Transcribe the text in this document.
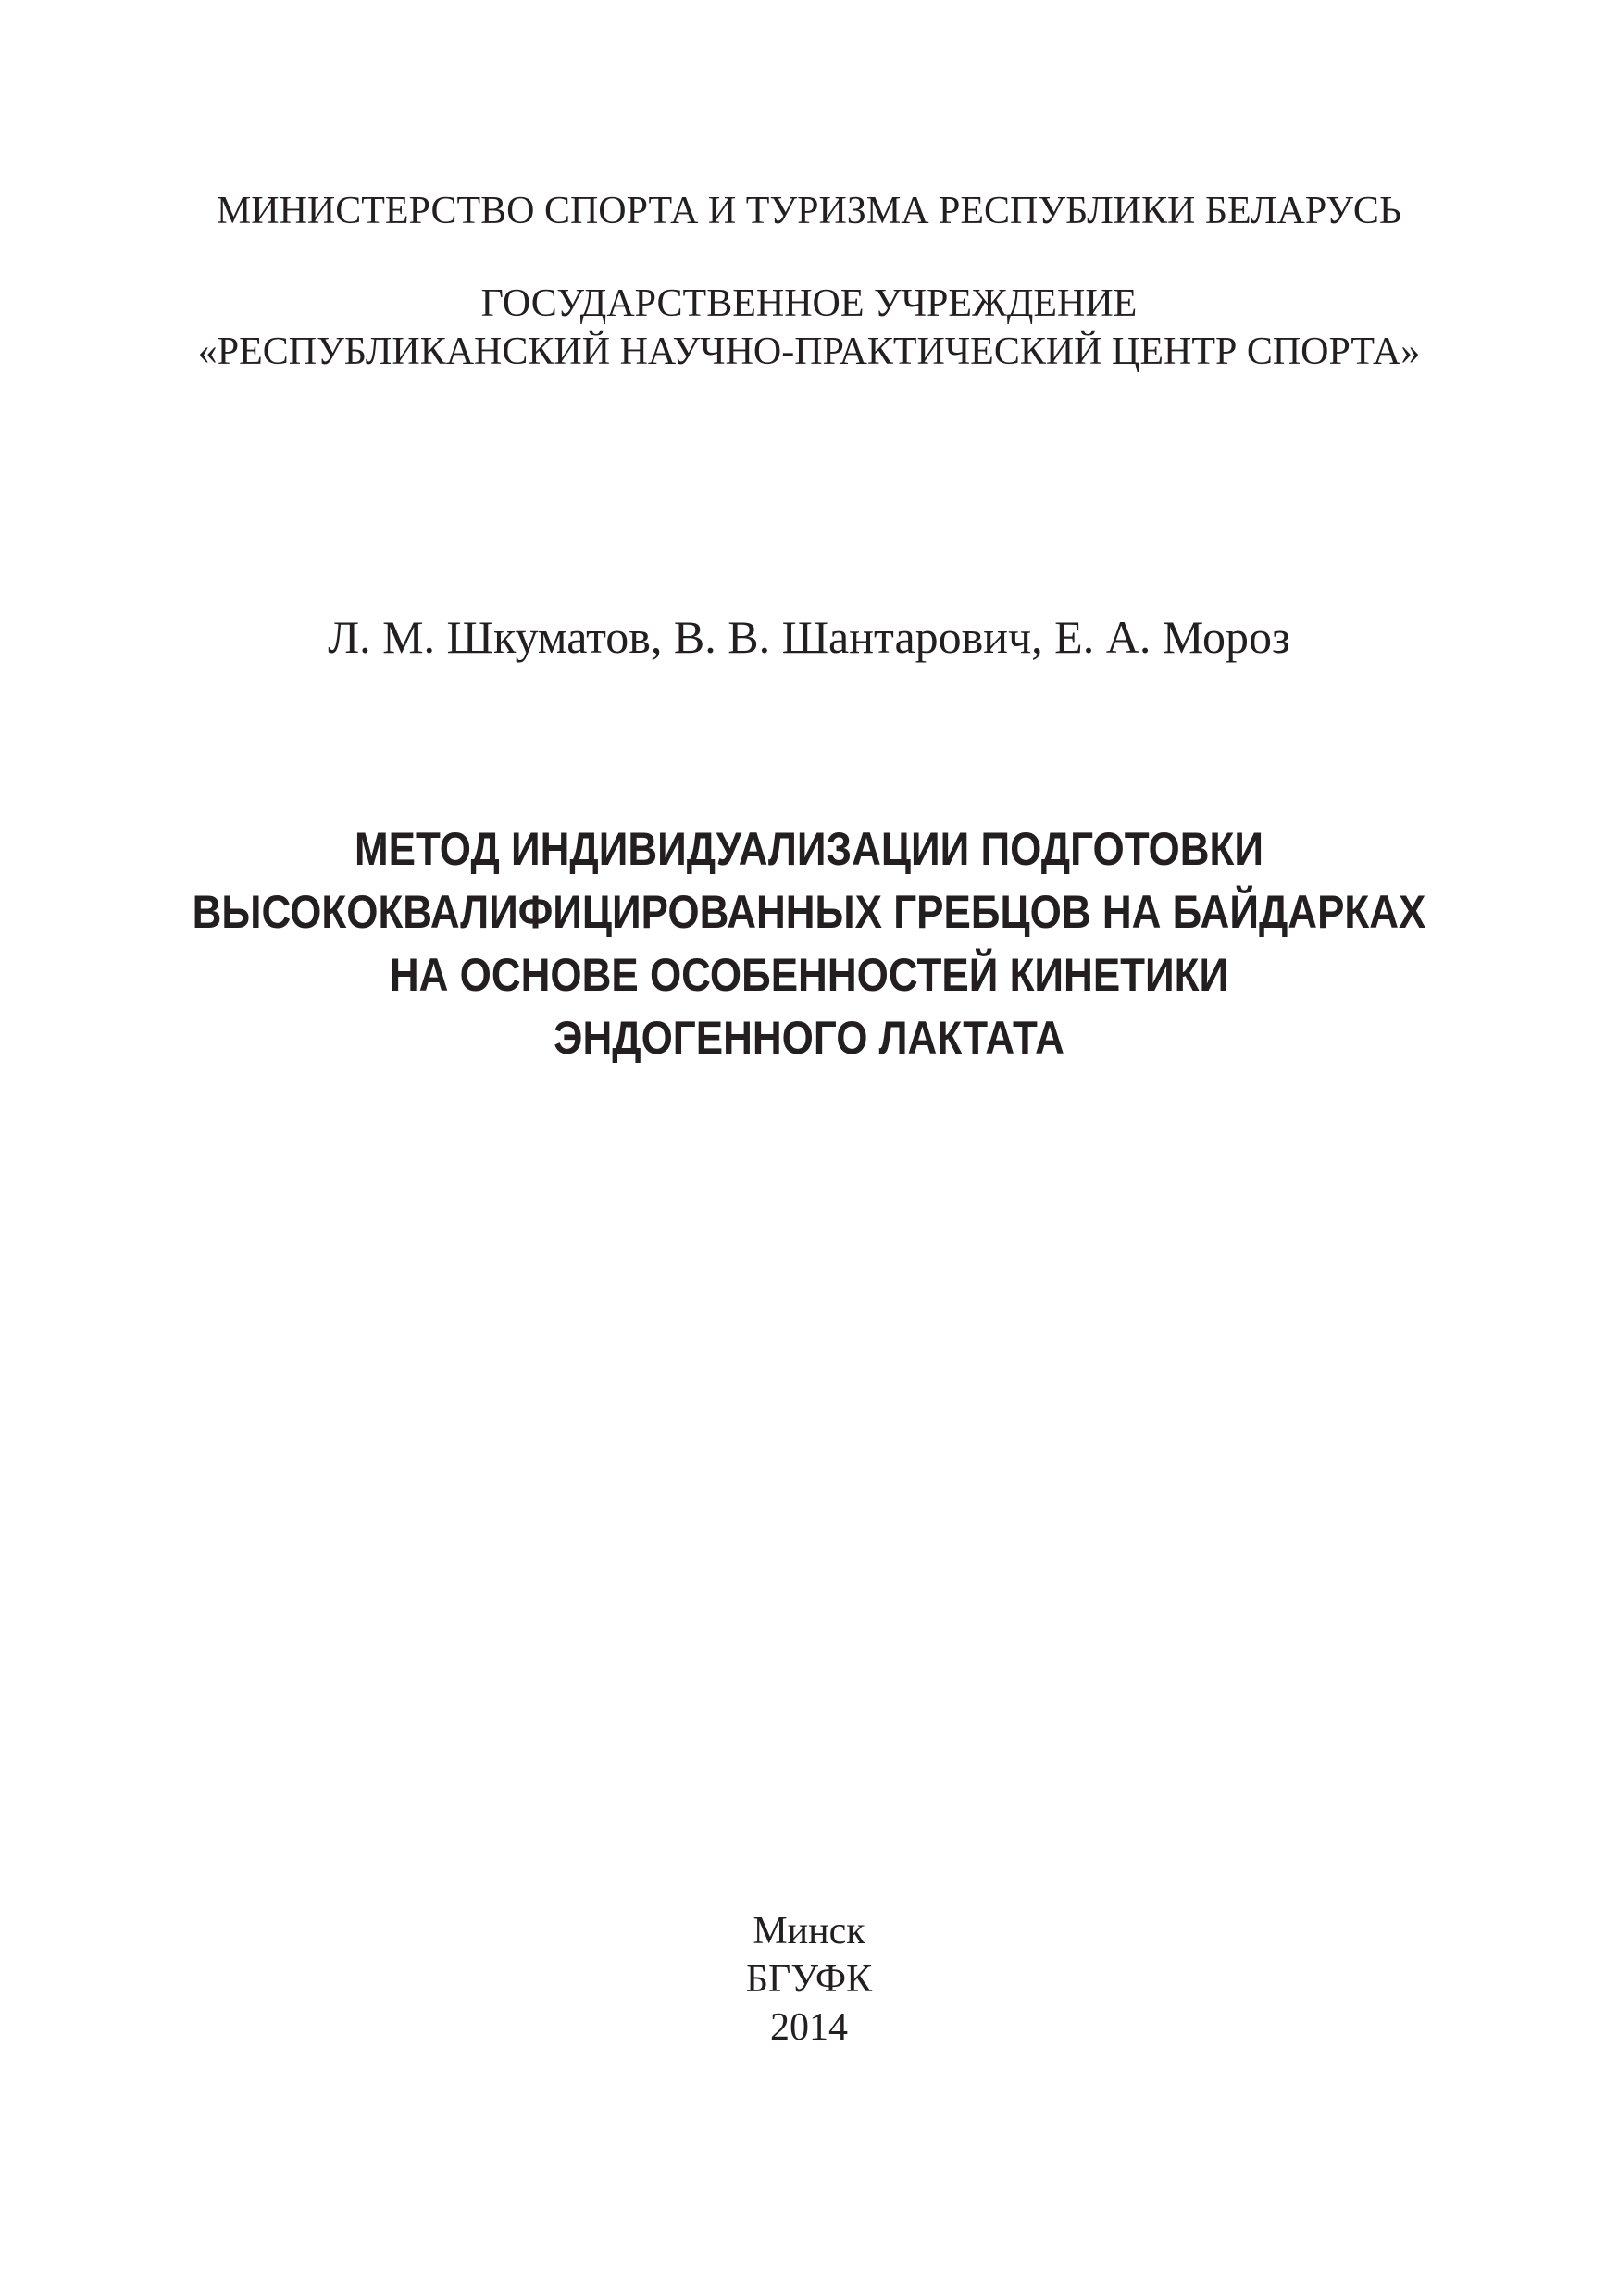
МИНИСТЕРСТВО СПОРТА И ТУРИЗМА РЕСПУБЛИКИ БЕЛАРУСЬ
ГОСУДАРСТВЕННОЕ УЧРЕЖДЕНИЕ
«РЕСПУБЛИКАНСКИЙ НАУЧНО-ПРАКТИЧЕСКИЙ ЦЕНТР СПОРТА»
Л. М. Шкуматов, В. В. Шантарович, Е. А. Мороз
МЕТОД ИНДИВИДУАЛИЗАЦИИ ПОДГОТОВКИ
ВЫСОКОКВАЛИФИЦИРОВАННЫХ ГРЕБЦОВ НА БАЙДАРКАХ
НА ОСНОВЕ ОСОБЕННОСТЕЙ КИНЕТИКИ
ЭНДОГЕННОГО ЛАКТАТА
Минск
БГУФК
2014
